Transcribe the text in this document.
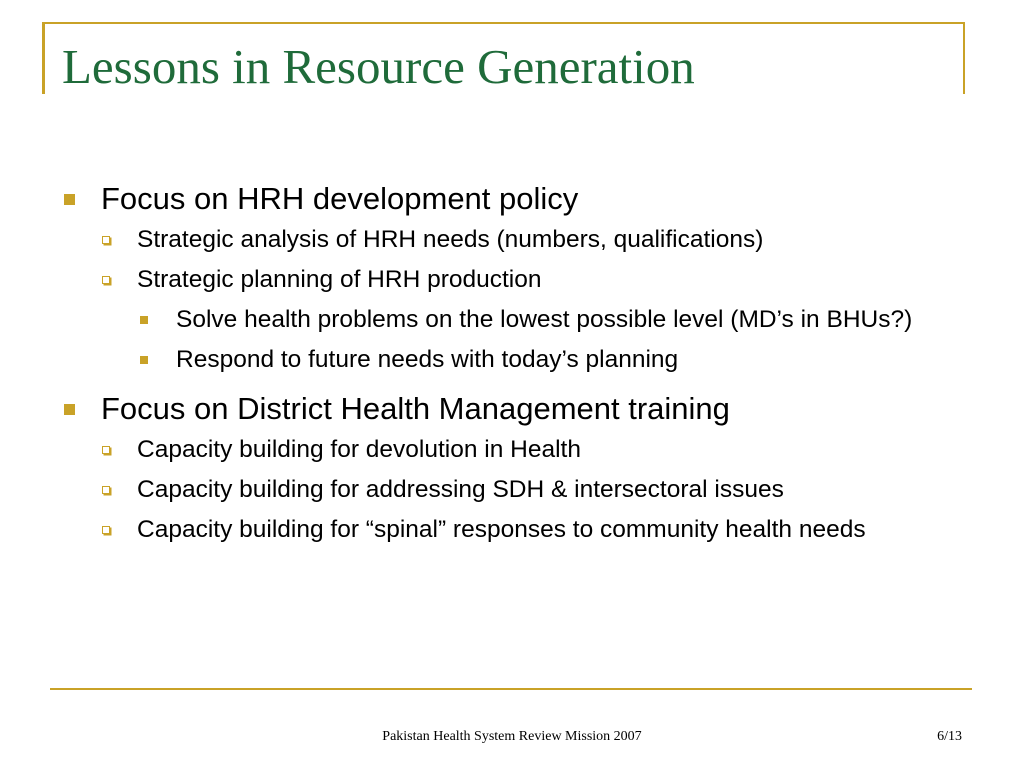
Lessons in Resource Generation
Focus on HRH development policy
Strategic analysis of HRH needs (numbers, qualifications)
Strategic planning of HRH production
Solve health problems on the lowest possible level (MD’s in BHUs?)
Respond to future needs with today’s planning
Focus on District Health Management training
Capacity building for devolution in Health
Capacity building for addressing SDH & intersectoral issues
Capacity building for “spinal” responses to community health needs
Pakistan Health System Review Mission 2007	6/13
